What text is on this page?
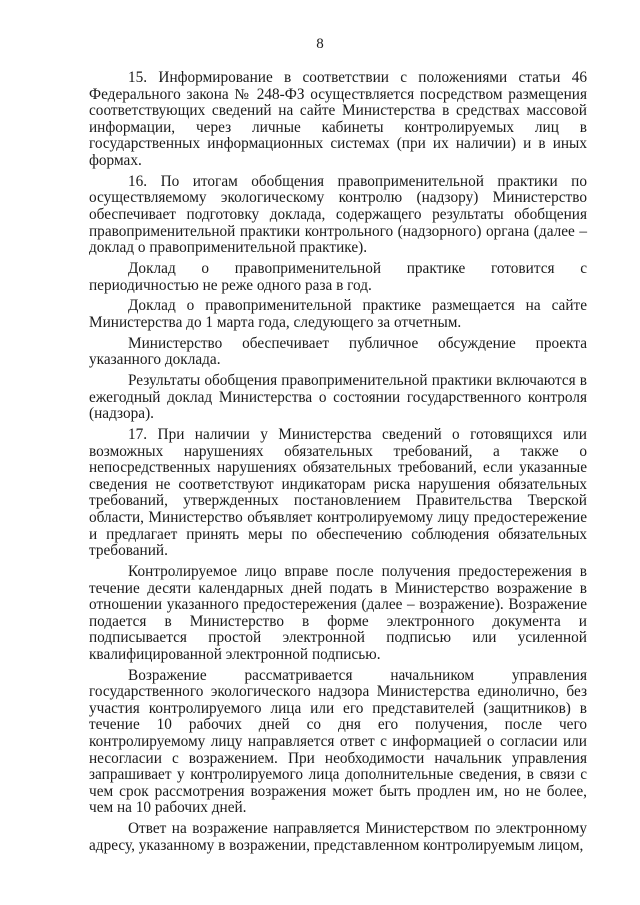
8

15. Информирование в соответствии с положениями статьи 46 Федерального закона № 248-ФЗ осуществляется посредством размещения соответствующих сведений на сайте Министерства в средствах массовой информации, через личные кабинеты контролируемых лиц в государственных информационных системах (при их наличии) и в иных формах.

16. По итогам обобщения правоприменительной практики по осуществляемому экологическому контролю (надзору) Министерство обеспечивает подготовку доклада, содержащего результаты обобщения правоприменительной практики контрольного (надзорного) органа (далее – доклад о правоприменительной практике).

Доклад о правоприменительной практике готовится с периодичностью не реже одного раза в год.

Доклад о правоприменительной практике размещается на сайте Министерства до 1 марта года, следующего за отчетным.

Министерство обеспечивает публичное обсуждение проекта указанного доклада.

Результаты обобщения правоприменительной практики включаются в ежегодный доклад Министерства о состоянии государственного контроля (надзора).

17. При наличии у Министерства сведений о готовящихся или возможных нарушениях обязательных требований, а также о непосредственных нарушениях обязательных требований, если указанные сведения не соответствуют индикаторам риска нарушения обязательных требований, утвержденных постановлением Правительства Тверской области, Министерство объявляет контролируемому лицу предостережение и предлагает принять меры по обеспечению соблюдения обязательных требований.

Контролируемое лицо вправе после получения предостережения в течение десяти календарных дней подать в Министерство возражение в отношении указанного предостережения (далее – возражение). Возражение подается в Министерство в форме электронного документа и подписывается простой электронной подписью или усиленной квалифицированной электронной подписью.

Возражение рассматривается начальником управления государственного экологического надзора Министерства единолично, без участия контролируемого лица или его представителей (защитников) в течение 10 рабочих дней со дня его получения, после чего контролируемому лицу направляется ответ с информацией о согласии или несогласии с возражением. При необходимости начальник управления запрашивает у контролируемого лица дополнительные сведения, в связи с чем срок рассмотрения возражения может быть продлен им, но не более, чем на 10 рабочих дней.

Ответ на возражение направляется Министерством по электронному адресу, указанному в возражении, представленном контролируемым лицом,
